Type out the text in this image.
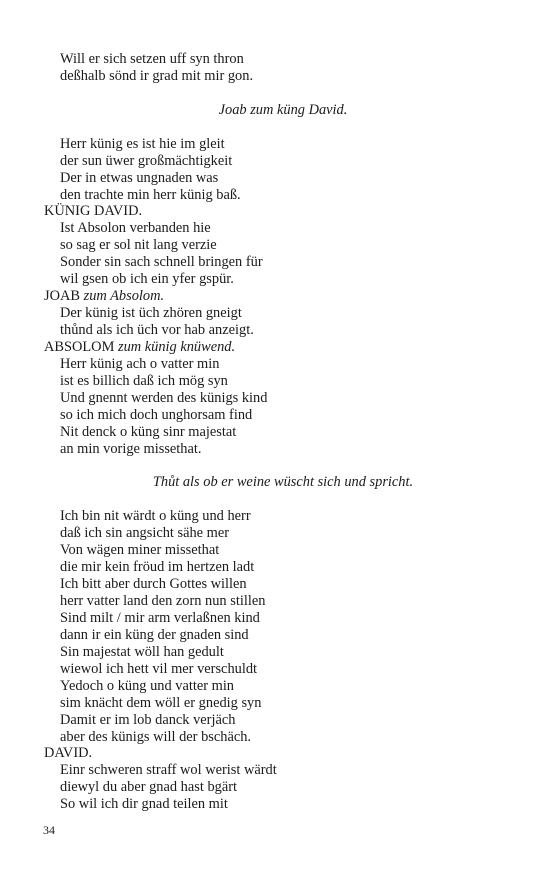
Will er sich setzen uff syn thron
deßhalb sönd ir grad mit mir gon.
Joab zum küng David.
Herr künig es ist hie im gleit
der sun üwer großmächtigkeit
Der in etwas ungnaden was
den trachte min herr künig baß.
KÜNIG DAVID.
Ist Absolon verbanden hie
so sag er sol nit lang verzie
Sonder sin sach schnell bringen für
wil gsen ob ich ein yfer gspür.
JOAB zum Absolom.
Der künig ist üch zhören gneigt
thůnd als ich üch vor hab anzeigt.
ABSOLOM zum künig knüwend.
Herr künig ach o vatter min
ist es billich daß ich mög syn
Und gnennt werden des künigs kind
so ich mich doch unghorsam find
Nit denck o küng sinr majestat
an min vorige missethat.
Thůt als ob er weine wüscht sich und spricht.
Ich bin nit wärdt o küng und herr
daß ich sin angsicht sähe mer
Von wägen miner missethat
die mir kein fröud im hertzen ladt
Ich bitt aber durch Gottes willen
herr vatter land den zorn nun stillen
Sind milt / mir arm verlaßnen kind
dann ir ein küng der gnaden sind
Sin majestat wöll han gedult
wiewol ich hett vil mer verschuldt
Yedoch o küng und vatter min
sim knächt dem wöll er gnedig syn
Damit er im lob danck verjäch
aber des künigs will der bschäch.
DAVID.
Einr schweren straff wol werist wärdt
diewyl du aber gnad hast bgärt
So wil ich dir gnad teilen mit
34
